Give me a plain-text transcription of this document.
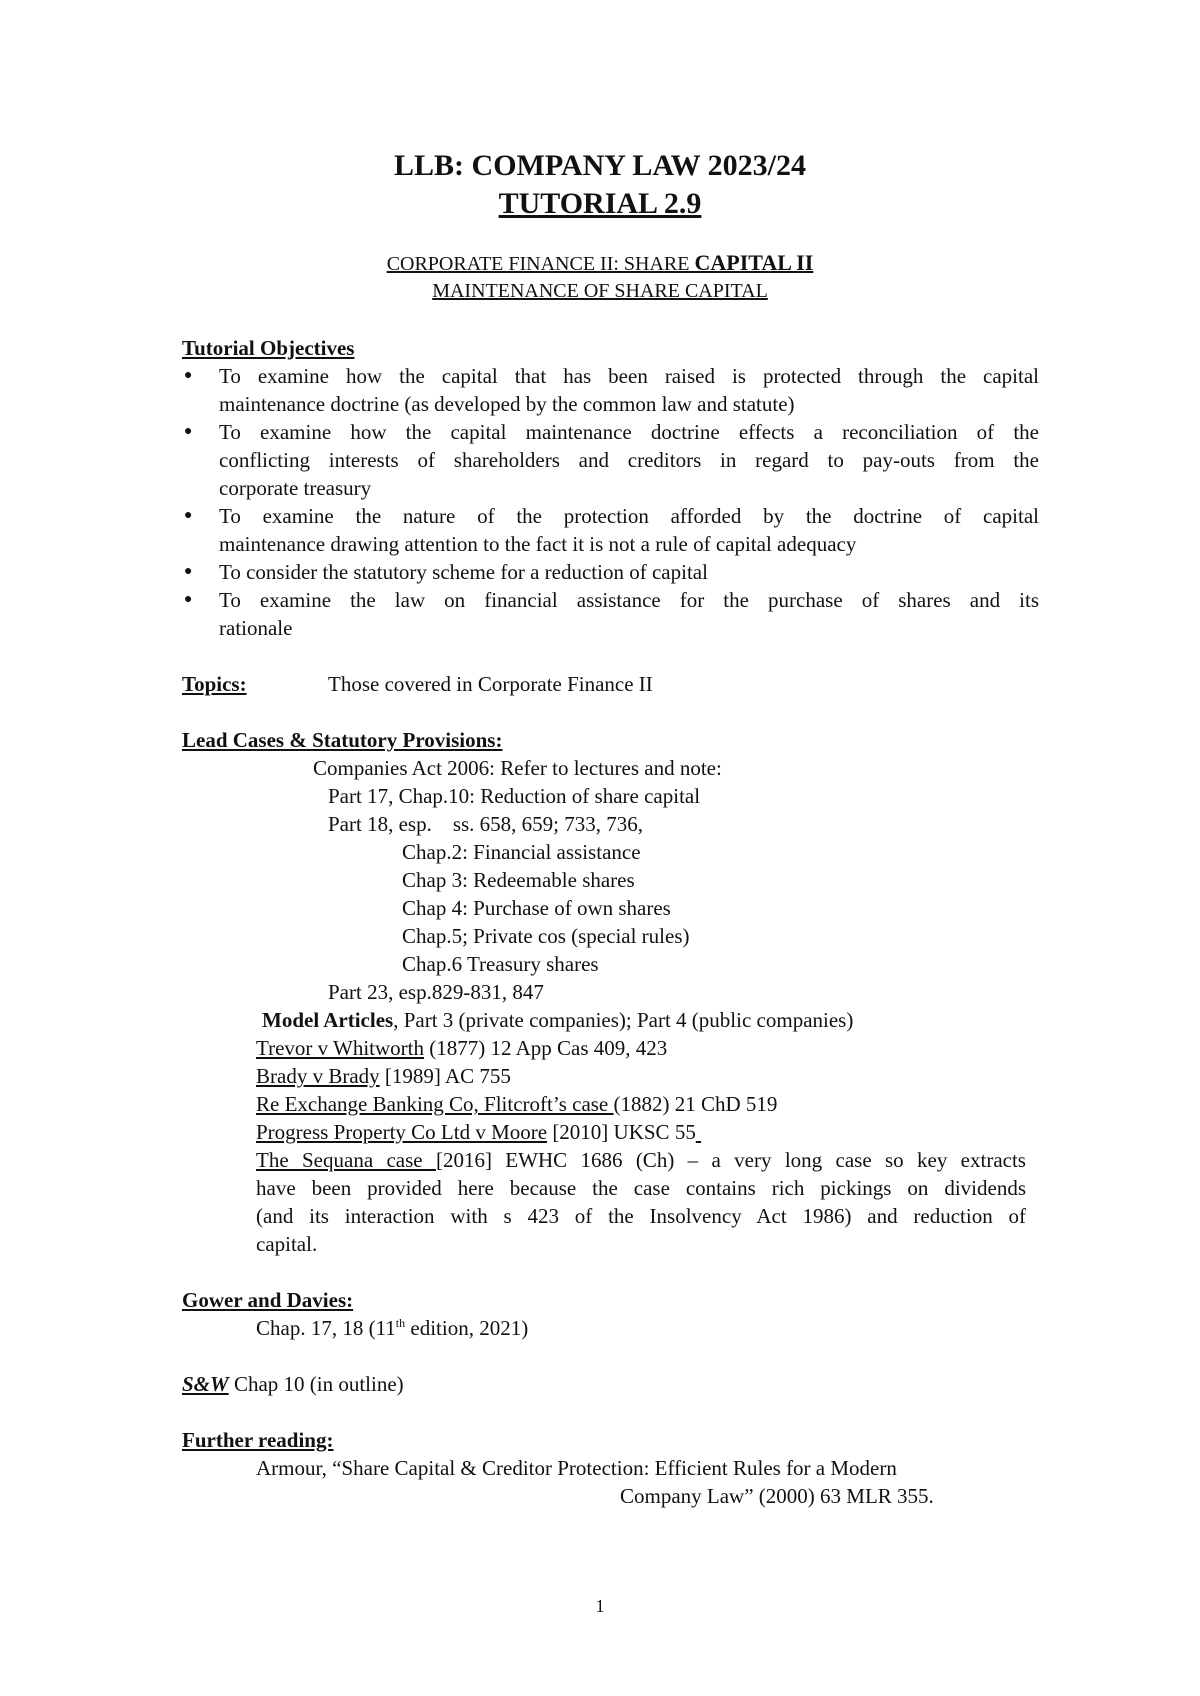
LLB: COMPANY LAW 2023/24
TUTORIAL 2.9
CORPORATE FINANCE II: SHARE CAPITAL II
MAINTENANCE OF SHARE CAPITAL
Tutorial Objectives
● To examine how the capital that has been raised is protected through the capital
maintenance doctrine (as developed by the common law and statute)
● To examine how the capital maintenance doctrine effects a reconciliation of the
conflicting interests of shareholders and creditors in regard to pay-outs from the
corporate treasury
● To examine the nature of the protection afforded by the doctrine of capital
maintenance drawing attention to the fact it is not a rule of capital adequacy
● To consider the statutory scheme for a reduction of capital
● To examine the law on financial assistance for the purchase of shares and its
rationale
Topics:	Those covered in Corporate Finance II
Lead Cases & Statutory Provisions:
Companies Act 2006: Refer to lectures and note:
Part 17, Chap.10: Reduction of share capital
Part 18, esp.    ss. 658, 659; 733, 736,
Chap.2: Financial assistance
Chap 3: Redeemable shares
Chap 4: Purchase of own shares
Chap.5; Private cos (special rules)
Chap.6 Treasury shares
Part 23, esp.829-831, 847
Model Articles, Part 3 (private companies); Part 4 (public companies)
Trevor v Whitworth (1877) 12 App Cas 409, 423
Brady v Brady [1989] AC 755
Re Exchange Banking Co, Flitcroft’s case (1882) 21 ChD 519
Progress Property Co Ltd v Moore [2010] UKSC 55
The Sequana case [2016] EWHC 1686 (Ch) – a very long case so key extracts
have been provided here because the case contains rich pickings on dividends
(and its interaction with s 423 of the Insolvency Act 1986) and reduction of
capital.
Gower and Davies:
Chap. 17, 18 (11th edition, 2021)
S&W Chap 10 (in outline)
Further reading:
Armour, “Share Capital & Creditor Protection: Efficient Rules for a Modern
Company Law” (2000) 63 MLR 355.
1
